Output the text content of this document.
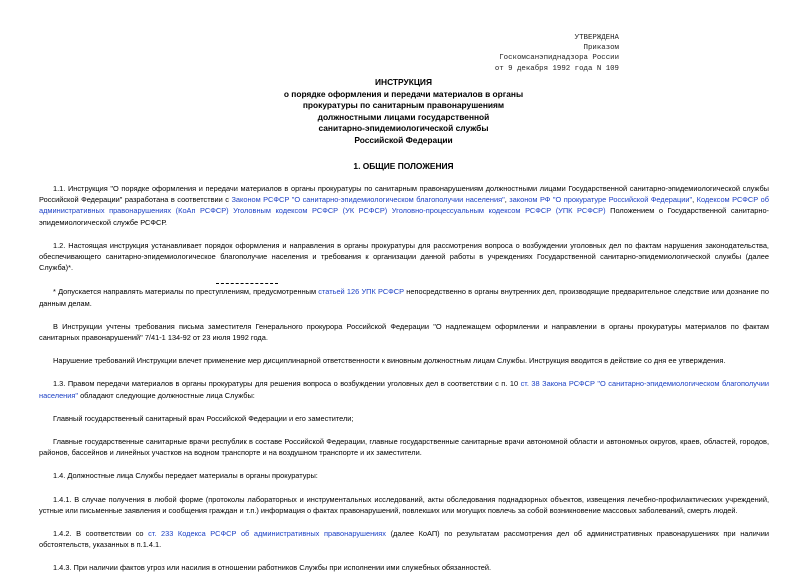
УТВЕРЖДЕНА
Приказом
Госкомсанэпиднадзора России
от 9 декабря 1992 года N 109
ИНСТРУКЦИЯ
о порядке оформления и передачи материалов в органы
прокуратуры по санитарным правонарушениям
должностными лицами государственной
санитарно-эпидемиологической службы
Российской Федерации
1. ОБЩИЕ ПОЛОЖЕНИЯ

1.1. Инструкция "О порядке оформления и передачи материалов в органы прокуратуры по санитарным правонарушениям должностными лицами Государственной санитарно-эпидемиологической службы Российской Федерации" разработана в соответствии с Законом РСФСР "О санитарно-эпидемиологическом благополучии населения", законом РФ "О прокуратуре Российской Федерации", Кодексом РСФСР об административных правонарушениях (КоАп РСФСР) Уголовным кодексом РСФСР (УК РСФСР) Уголовно-процессуальным кодексом РСФСР (УПК РСФСР) Положением о Государственной санитарно-эпидемиологической службе РСФСР.

1.2. Настоящая инструкция устанавливает порядок оформления и направления в органы прокуратуры для рассмотрения вопроса о возбуждении уголовных дел по фактам нарушения законодательства, обеспечивающего санитарно-эпидемиологическое благополучие населения и требования к организации данной работы в учреждениях Государственной санитарно-эпидемиологической службы (далее Служба)*.

* Допускается направлять материалы по преступлениям, предусмотренным статьей 126 УПК РСФСР непосредственно в органы внутренних дел, производящие предварительное следствие или дознание по данным делам.

В Инструкции учтены требования письма заместителя Генерального прокурора Российской Федерации "О надлежащем оформлении и направлении в органы прокуратуры материалов по фактам санитарных правонарушений" 7/41-1 134-92 от 23 июля 1992 года.

Нарушение требований Инструкции влечет применение мер дисциплинарной ответственности к виновным должностным лицам Службы. Инструкция вводится в действие со дня ее утверждения.

1.3. Правом передачи материалов в органы прокуратуры для решения вопроса о возбуждении уголовных дел в соответствии с п. 10 ст. 38 Закона РСФСР "О санитарно-эпидемиологическом благополучии населения" обладают следующие должностные лица Службы:

Главный государственный санитарный врач Российской Федерации и его заместители;

Главные государственные санитарные врачи республик в составе Российской Федерации, главные государственные санитарные врачи автономной области и автономных округов, краев, областей, городов, районов, бассейнов и линейных участков на водном транспорте и на воздушном транспорте и их заместители.

1.4. Должностные лица Службы передает материалы в органы прокуратуры:

1.4.1. В случае получения в любой форме (протоколы лабораторных и инструментальных исследований, акты обследования поднадзорных объектов, извещения лечебно-профилактических учреждений, устные или письменные заявления и сообщения граждан и т.п.) информация о фактах правонарушений, повлекших или могущих повлечь за собой возникновение массовых заболеваний, смерть людей.

1.4.2. В соответствии со ст. 233 Кодекса РСФСР об административных правонарушениях (далее КоАП) по результатам рассмотрения дел об административных правонарушениях при наличии обстоятельств, указанных в п.1.4.1.

1.4.3. При наличии фактов угроз или насилия в отношении работников Службы при исполнении ими служебных обязанностей.
